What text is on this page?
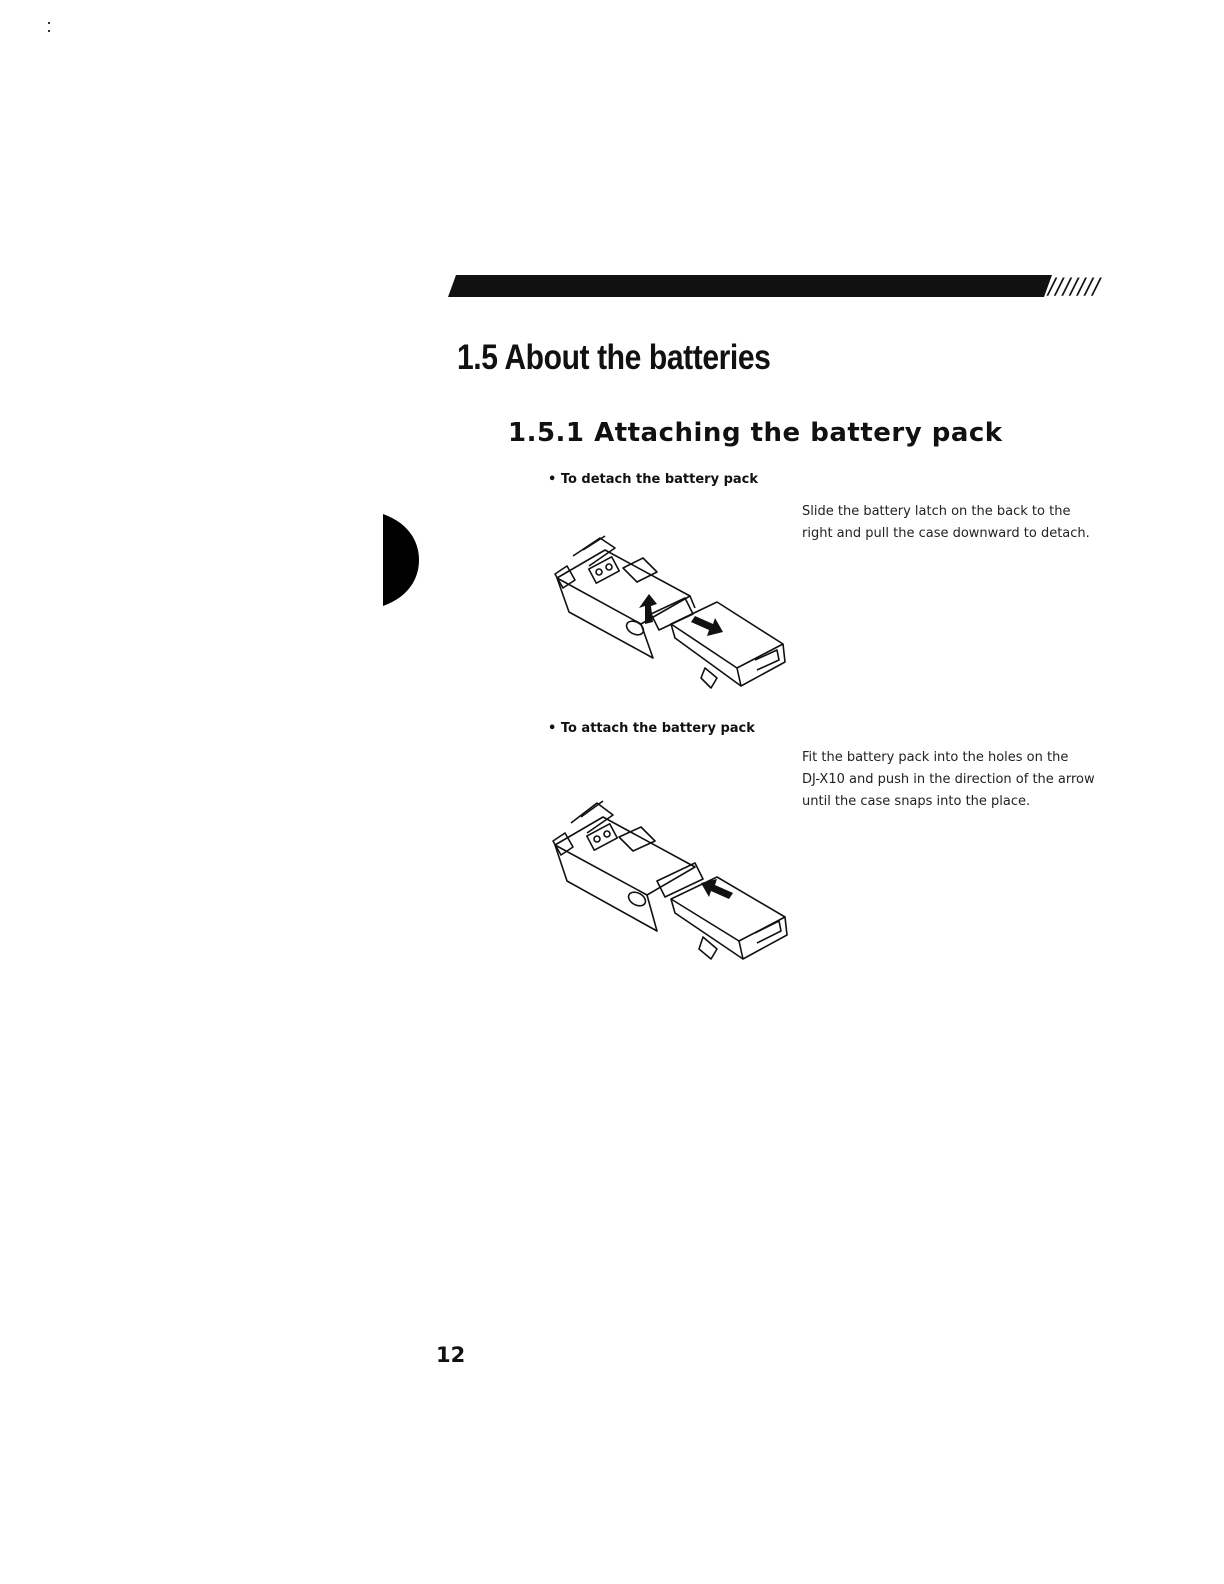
///////
1.5 About the batteries
1.5.1 Attaching the battery pack
• To detach the battery pack

Slide the battery latch on the back to the
right and pull the case downward to detach.

• To attach the battery pack

Fit the battery pack into the holes on the
DJ-X10 and push in the direction of the arrow
until the case snaps into the place.

12
